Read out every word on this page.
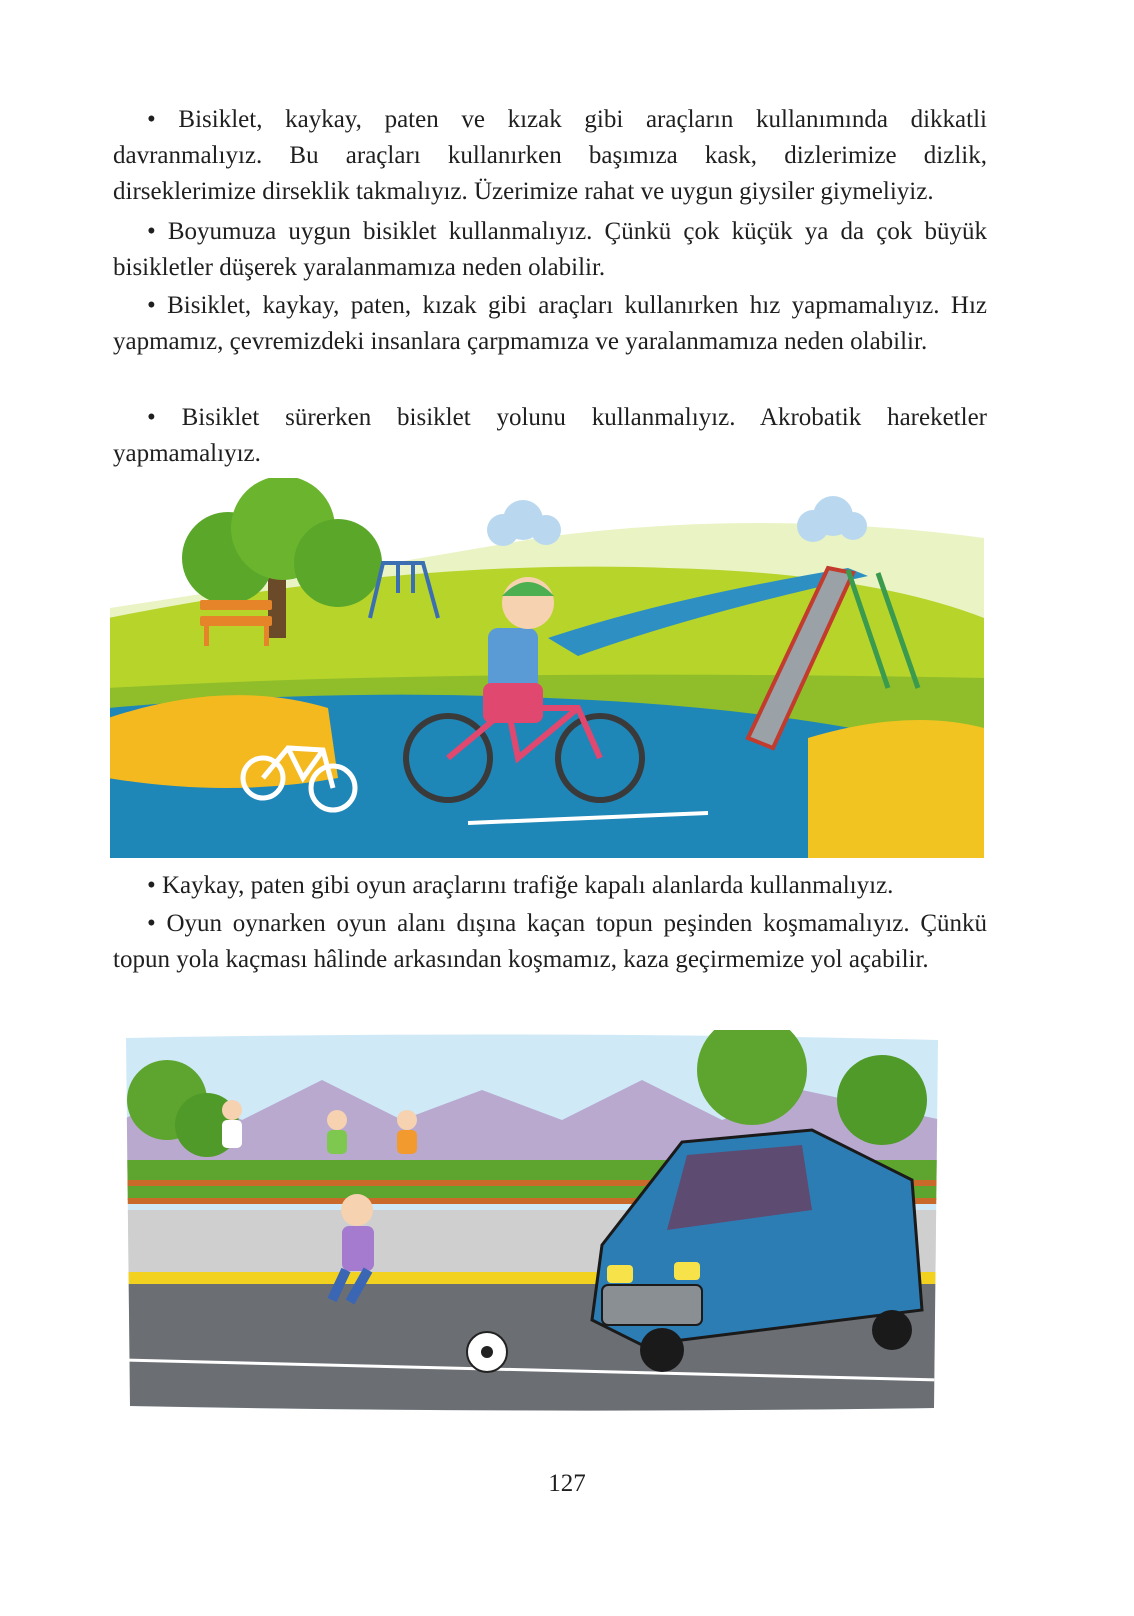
• Bisiklet, kaykay, paten ve kızak gibi araçların kullanımında dikkatli davranmalıyız. Bu araçları kullanırken başımıza kask, dizlerimize dizlik, dirseklerimize dirseklik takmalıyız. Üzerimize rahat ve uygun giysiler giymeliyiz.

• Boyumuza uygun bisiklet kullanmalıyız. Çünkü çok küçük ya da çok büyük bisikletler düşerek yaralanmamıza neden olabilir.

• Bisiklet, kaykay, paten, kızak gibi araçları kullanırken hız yapmamalıyız. Hız yapmamız, çevremizdeki insanlara çarpmamıza ve yaralanmamıza neden olabilir.

• Bisiklet sürerken bisiklet yolunu kullanmalıyız. Akrobatik hareketler yapmamalıyız.

• Kaykay, paten gibi oyun araçlarını trafiğe kapalı alanlarda kullanmalıyız.

• Oyun oynarken oyun alanı dışına kaçan topun peşinden koşmamalıyız. Çünkü topun yola kaçması hâlinde arkasından koşmamız, kaza geçirmemize yol açabilir.

127
